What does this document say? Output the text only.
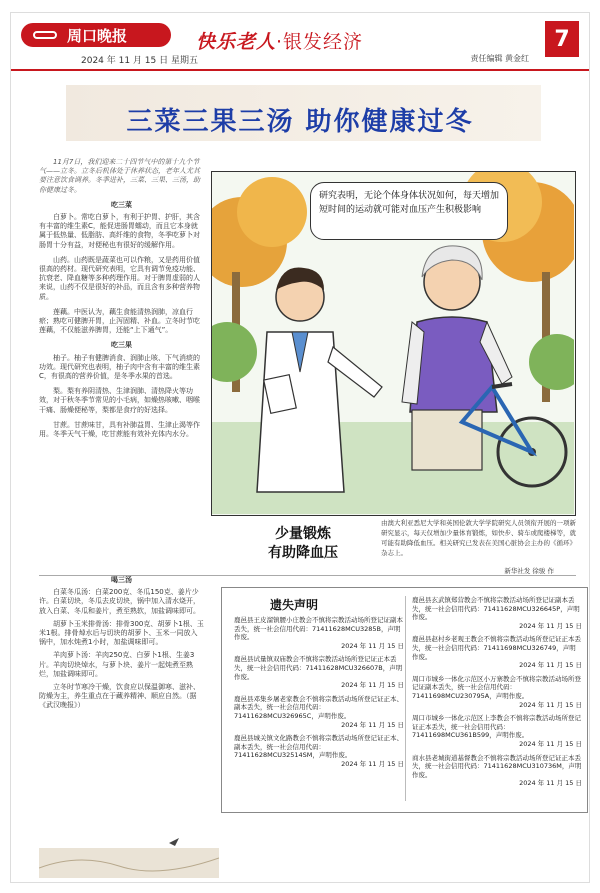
周口晚报
2024 年 11 月 15 日 星期五
快乐老人·银发经济
责任编辑 黄金红
7
三菜三果三汤 助你健康过冬

11月7日，我们迎来二十四节气中的第十九个节气——立冬。立冬后机体处于休养状态，老年人尤其要注意饮食调养。冬季进补，三菜、三果、三汤，助你健康过冬。

吃三菜

白萝卜。常吃白萝卜，有利于护胃、护肝，其含有丰富的维生素C，能促进肠胃蠕动，而且它本身就属于低热量、低脂肪、高纤维的食物，冬季吃萝卜对肠胃十分有益，对便秘也有很好的缓解作用。

山药。山药既是蔬菜也可以作粮，又是药用价值很高的药材。现代研究表明，它具有调节免疫功能、抗衰老、降血糖等多种药理作用。对于脾胃虚弱的人来说，山药不仅是很好的补品，而且含有多种营养物质。

莲藕。中医认为，藕生食能清热润肺，凉血行瘀；熟吃可健脾开胃，止泻固精、补血。立冬时节吃莲藕，不仅能滋养脾胃，还能“上下通气”。

吃三果

柚子。柚子有健脾消食、润肺止咳、下气消痰的功效。现代研究也表明，柚子肉中含有丰富的维生素C，有很高的营养价值，是冬季水果的首选。

梨。梨有养阴清热、生津润肺、清热降火等功效，对于秋冬季节常见的小毛病，如燥热咳嗽、咽喉干痛、肠燥便秘等，梨都是食疗的好选择。

甘蔗。甘蔗味甘，具有补肺益胃、生津止渴等作用。冬季天气干燥，吃甘蔗能有效补充体内水分。

研究表明，无论个体身体状况如何，每天增加短时间的运动就可能对血压产生积极影响
少量锻炼
有助降血压
由澳大利亚悉尼大学和英国伦敦大学学院研究人员领衔开展的一项新研究显示，每天仅增加少量体育锻炼，如快步、骑车或爬楼梯等，就可能有助降低血压。相关研究已发表在美国心脏协会主办的《循环》杂志上。
新华社发 徐骏 作

喝三汤

白菜冬瓜汤：白菜200克、冬瓜150克、姜片少许。白菜切块，冬瓜去皮切块，锅中加入清水烧开，放入白菜、冬瓜和姜片，煮至熟软，加盐调味即可。

胡萝卜玉米排骨汤：排骨300克、胡萝卜1根、玉米1根。排骨焯水后与切块的胡萝卜、玉米一同放入锅中，加水炖煮1小时，加盐调味即可。

羊肉萝卜汤：羊肉250克、白萝卜1根、生姜3片。羊肉切块焯水，与萝卜块、姜片一起炖煮至熟烂，加盐调味即可。

立冬时节寒冷干燥，饮食应以保温御寒、滋补、防燥为主，养生重点在于藏养精神、顺应自然。（据《武汉晚报》）

遗失声明
鹿邑县王皮溜镇腰小庄教会不慎将宗教活动场所登记证副本丢失，统一社会信用代码：71411628MCU3285B，声明作废。
2024 年 11 月 15 日
鹿邑县试量镇双庙教会不慎将宗教活动场所登记证正本丢失，统一社会信用代码：71411628MCU326607B，声明作废。
2024 年 11 月 15 日
鹿邑县邓集乡屠老家教会不慎将宗教活动场所登记证正本、副本丢失，统一社会信用代码：71411628MCU326965C，声明作废。
2024 年 11 月 15 日
鹿邑县城关镇文化路教会不慎将宗教活动场所登记证正本、副本丢失，统一社会信用代码：71411628MCU32514SM，声明作废。
2024 年 11 月 15 日
鹿邑县玄武镇郑营教会不慎将宗教活动场所登记证副本丢失，统一社会信用代码：71411628MCU326645P，声明作废。
2024 年 11 月 15 日
鹿邑县赵村乡老观王教会不慎将宗教活动场所登记证正本丢失，统一社会信用代码：71411698MCU326749，声明作废。
2024 年 11 月 15 日
周口市城乡一体化示范区小万寨教会不慎将宗教活动场所登记证副本丢失，统一社会信用代码：71411698MCU230795A，声明作废。
2024 年 11 月 15 日
周口市城乡一体化示范区上李教会不慎将宗教活动场所登记证正本丢失，统一社会信用代码：71411698MCU361B599，声明作废。
2024 年 11 月 15 日
商水县老城街道基督教会不慎将宗教活动场所登记证正本丢失，统一社会信用代码：71411628MCU310736M，声明作废。
2024 年 11 月 15 日
